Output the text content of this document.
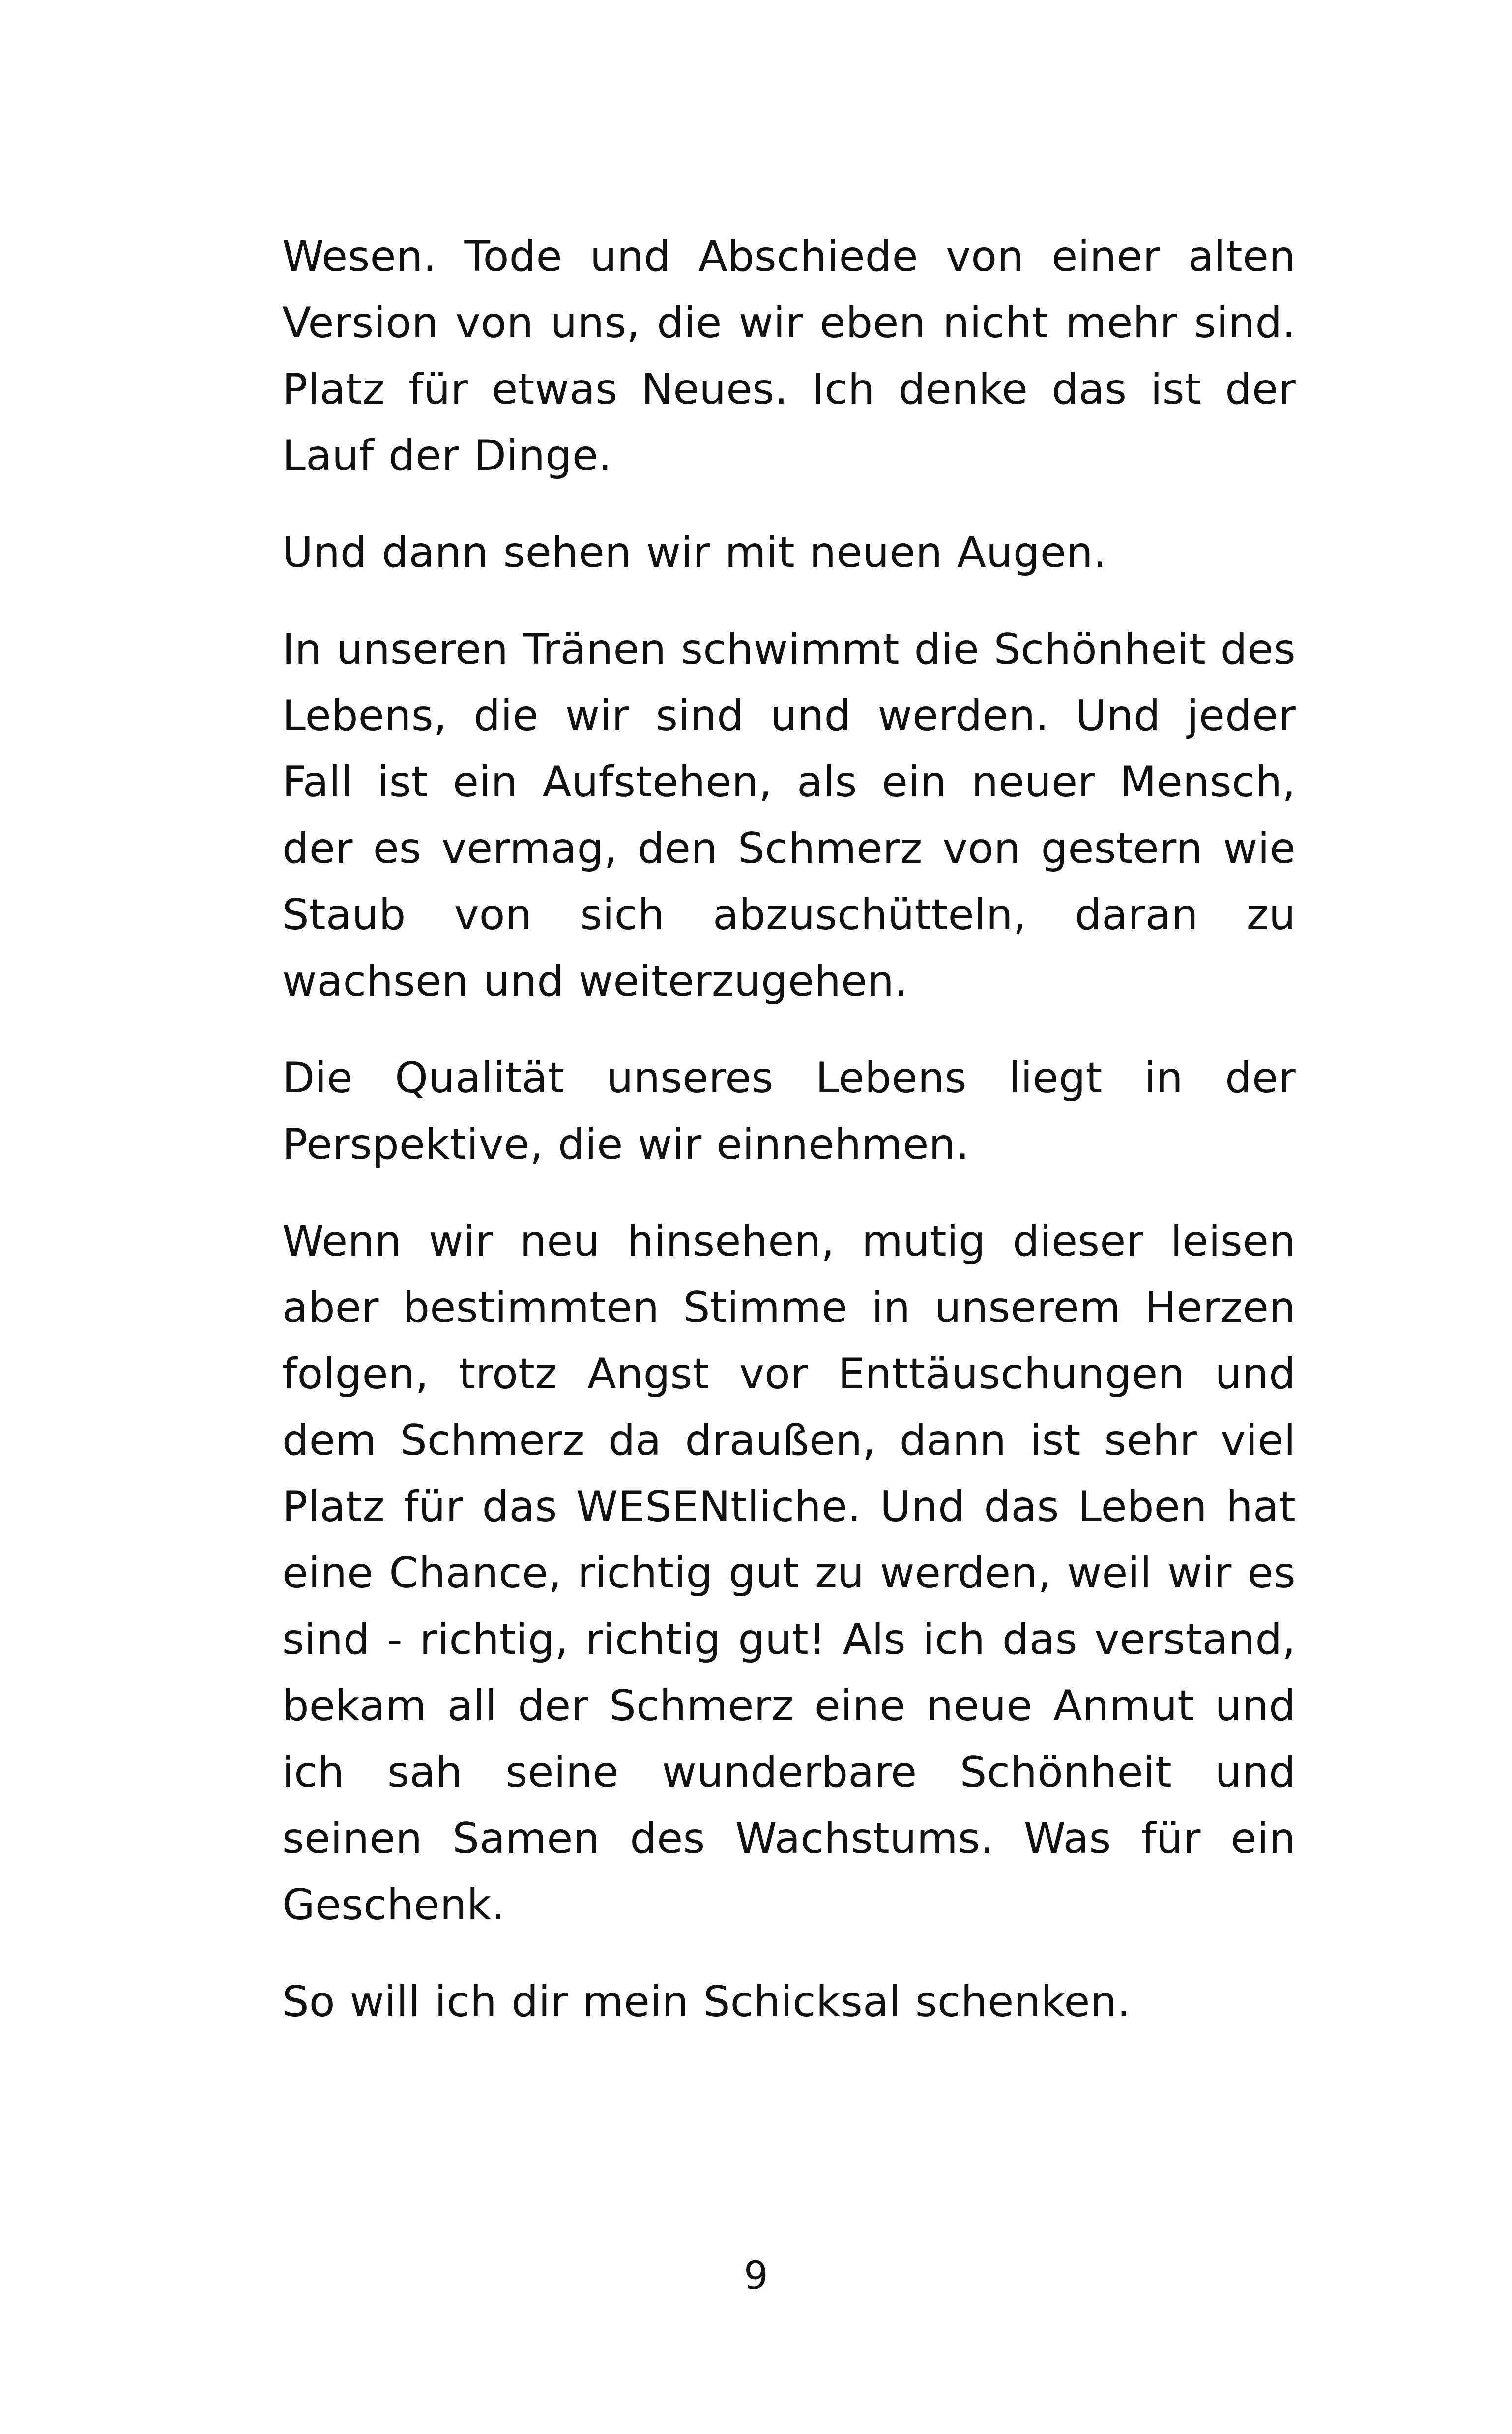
Wesen. Tode und Abschiede von einer alten Version von uns, die wir eben nicht mehr sind. Platz für etwas Neues. Ich denke das ist der Lauf der Dinge.

Und dann sehen wir mit neuen Augen.

In unseren Tränen schwimmt die Schönheit des Lebens, die wir sind und werden. Und jeder Fall ist ein Aufstehen, als ein neuer Mensch, der es vermag, den Schmerz von gestern wie Staub von sich abzuschütteln, daran zu wachsen und weiterzugehen.

Die Qualität unseres Lebens liegt in der Perspektive, die wir einnehmen.

Wenn wir neu hinsehen, mutig dieser leisen aber bestimmten Stimme in unserem Herzen folgen, trotz Angst vor Enttäuschungen und dem Schmerz da draußen, dann ist sehr viel Platz für das WESENtliche. Und das Leben hat eine Chance, richtig gut zu werden, weil wir es sind - richtig, richtig gut! Als ich das verstand, bekam all der Schmerz eine neue Anmut und ich sah seine wunderbare Schönheit und seinen Samen des Wachstums. Was für ein Geschenk.

So will ich dir mein Schicksal schenken.

9
